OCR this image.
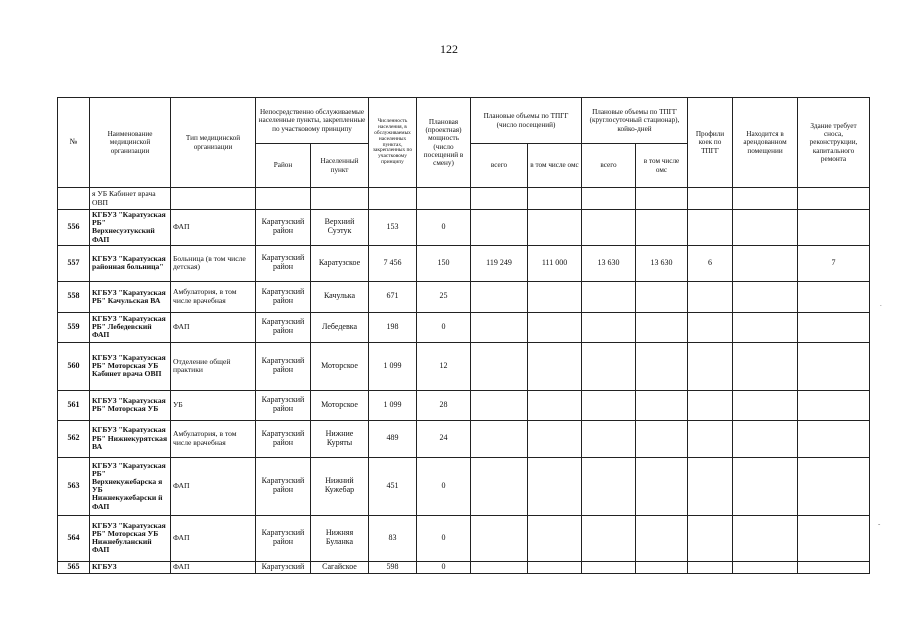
122
№	Наименование медицинской организации	Тип медицинской организации	Непосредственно обслуживаемые населенные пункты, закрепленные по участковому принципу		Численность населения, в обслуживаемых населенных пунктах, закрепленных по участковому принципу	Плановая (проектная) мощность (число посещений в смену)	Плановые объемы по ТПГГ (число посещений)		Плановые объемы по ТПГГ (круглосуточный стационар), койко-дней		Профили коек по ТПГГ	Находится в арендованном помещении	Здание требует сноса, реконструкции, капитального ремонта
			Район	Населенный пункт			всего	в том числе омс	всего	в том числе омс			
	я УБ Кабинет врача ОВП												
556	КГБУЗ "Каратузская РБ" Верхнесуэтукский ФАП	ФАП	Каратузский район	Верхний Суэтук	153	0							
557	КГБУЗ "Каратузская районная больница"	Больница (в том числе детская)	Каратузский район	Каратузское	7 456	150	119 249	111 000	13 630	13 630	6		7
558	КГБУЗ "Каратузская РБ" Качульская ВА	Амбулатория, в том числе врачебная	Каратузский район	Качулька	671	25							
559	КГБУЗ "Каратузская РБ" Лебедевский ФАП	ФАП	Каратузский район	Лебедевка	198	0							
560	КГБУЗ "Каратузская РБ" Моторская УБ Кабинет врача ОВП	Отделение общей практики	Каратузский район	Моторское	1 099	12							
561	КГБУЗ "Каратузская РБ" Моторская УБ	УБ	Каратузский район	Моторское	1 099	28							
562	КГБУЗ "Каратузская РБ" Нижнекурятская ВА	Амбулатория, в том числе врачебная	Каратузский район	Нижние Куряты	489	24							
563	КГБУЗ "Каратузская РБ" Верхнекужебарска я УБ Нижнекужебарски й ФАП	ФАП	Каратузский район	Нижний Кужебар	451	0							
564	КГБУЗ "Каратузская РБ" Моторская УБ Нижнебуланский ФАП	ФАП	Каратузский район	Нижняя Буланка	83	0							
565	КГБУЗ	ФАП	Каратузский	Сагайское	598	0							
.
-
